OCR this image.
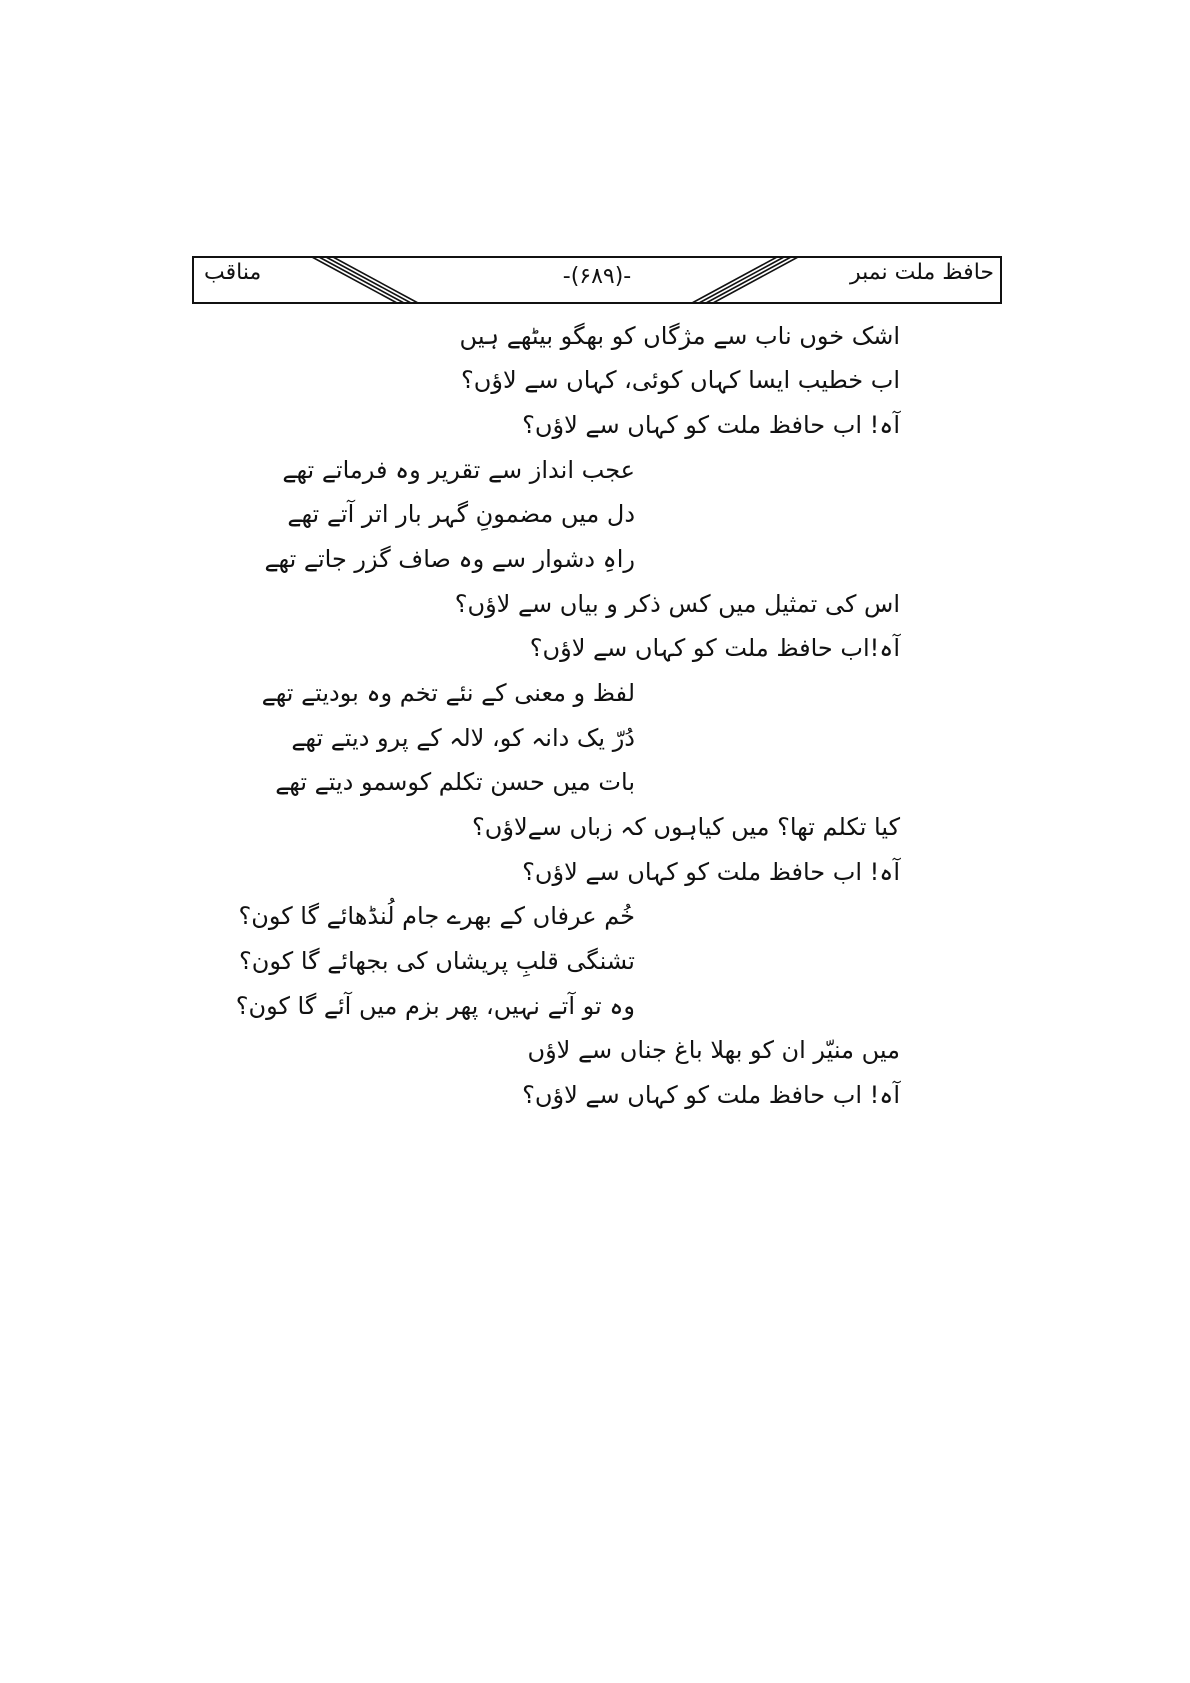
حافظ ملت نمبر
-(۶۸۹)-
مناقب
اشک خوں ناب سے مژگاں کو بھگو بیٹھے ہیں
اب خطیب ایسا کہاں کوئی، کہاں سے لاؤں؟
آہ! اب حافظ ملت کو کہاں سے لاؤں؟
عجب انداز سے تقریر وہ فرماتے تھے
دل میں مضمونِ گہر بار اتر آتے تھے
راہِ دشوار سے وہ صاف گزر جاتے تھے
اس کی تمثیل میں کس ذکر و بیاں سے لاؤں؟
آہ!اب حافظ ملت کو کہاں سے لاؤں؟
لفظ و معنی کے نئے تخم وہ بودیتے تھے
دُرّ یک دانہ کو، لالہ کے پرو دیتے تھے
بات میں حسن تکلم کوسمو دیتے تھے
کیا تکلم تھا؟ میں کیاہوں کہ زباں سےلاؤں؟
آہ! اب حافظ ملت کو کہاں سے لاؤں؟
خُم عرفاں کے بھرے جام لُنڈھائے گا کون؟
تشنگی قلبِ پریشاں کی بجھائے گا کون؟
وہ تو آتے نہیں، پھر بزم میں آئے گا کون؟
میں منیّر ان کو بھلا باغ جناں سے لاؤں
آہ! اب حافظ ملت کو کہاں سے لاؤں؟
